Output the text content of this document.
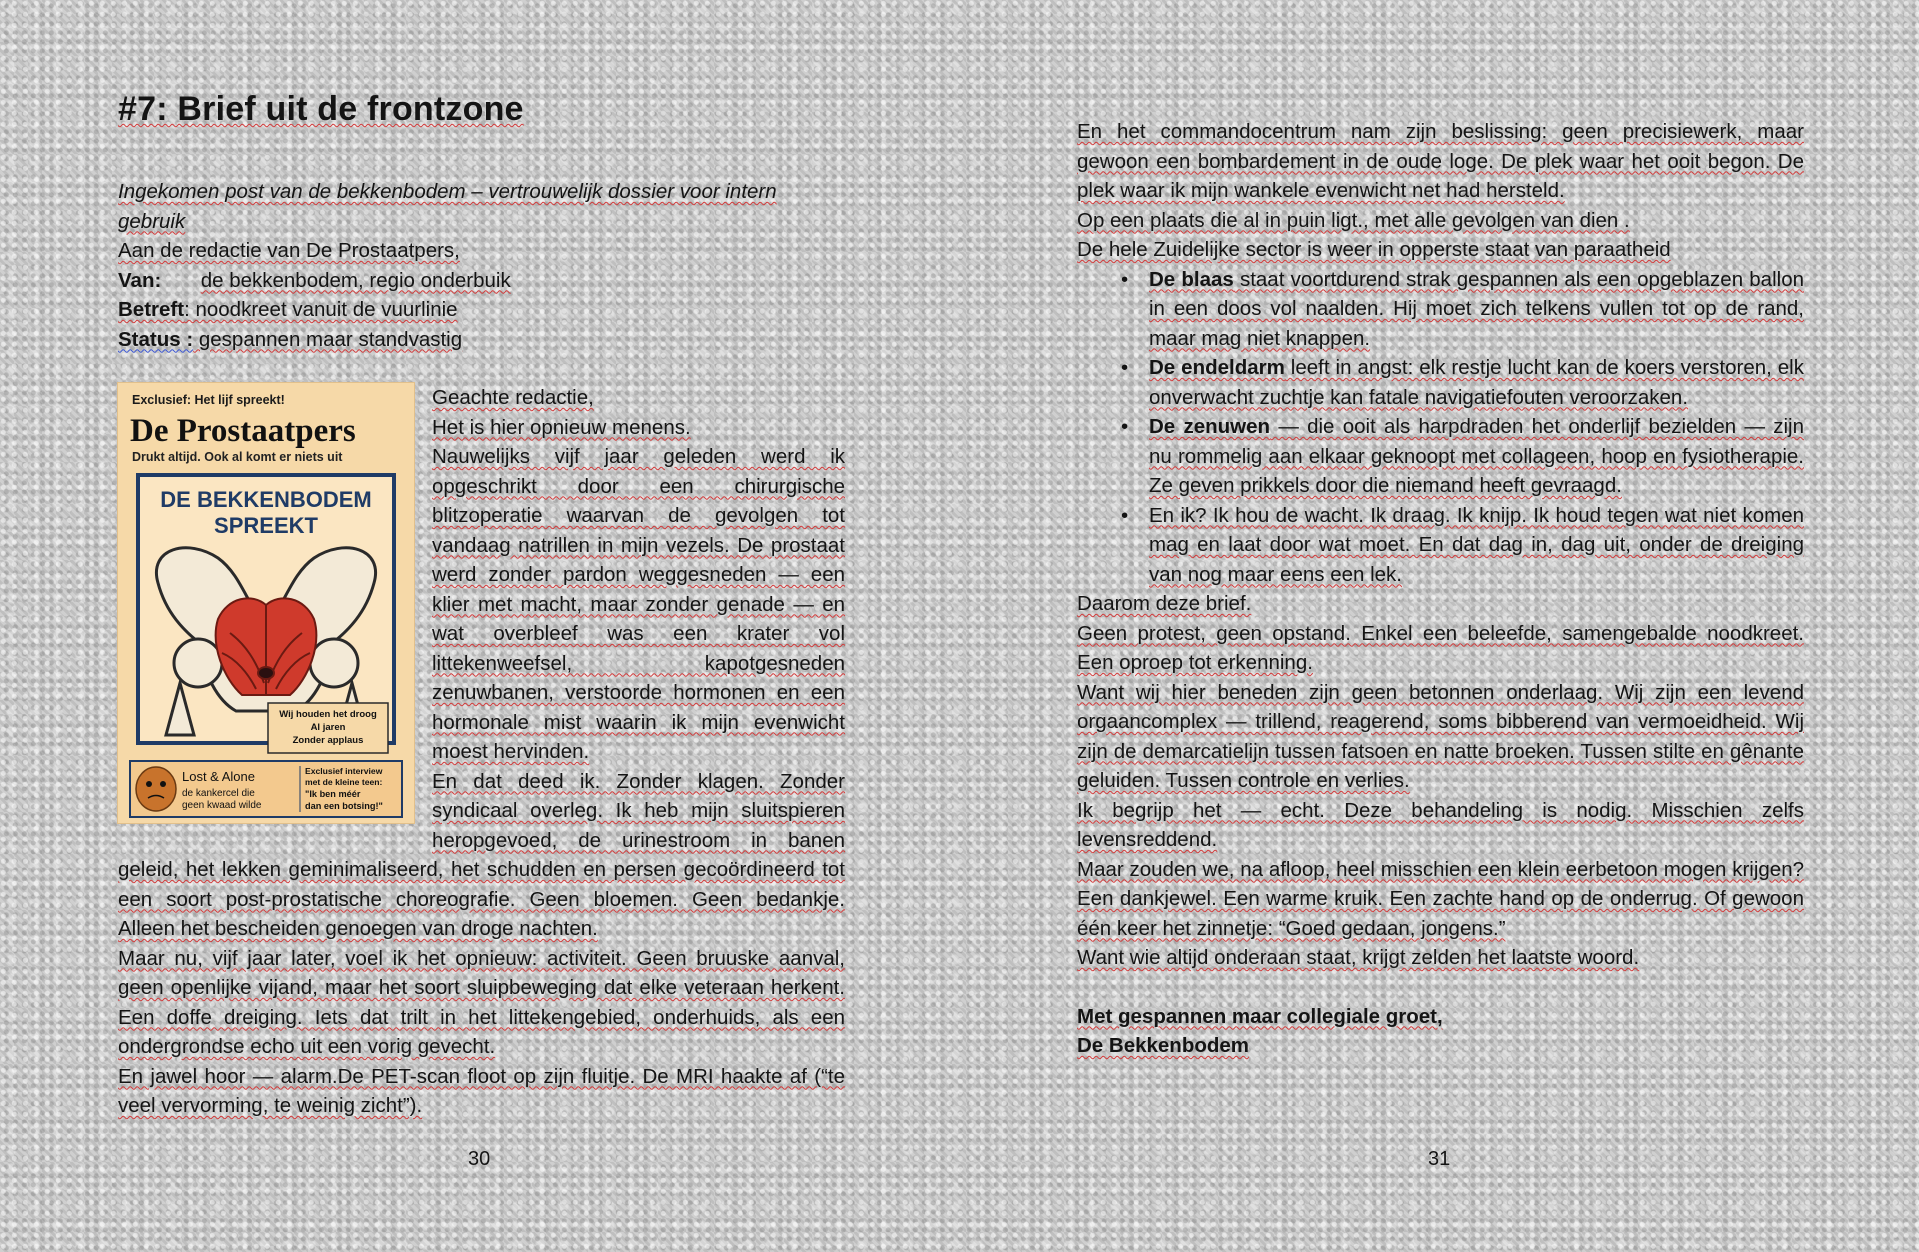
#7: Brief uit de frontzone

Ingekomen post van de bekkenbodem – vertrouwelijk dossier voor intern gebruik

Aan de redactie van De Prostaatpers,

Van: de bekkenbodem, regio onderbuik

Betreft: noodkreet vanuit de vuurlinie

Status : gespannen maar standvastig

Exclusief: Het lijf spreekt!
De Prostaatpers
Drukt altijd. Ook al komt er niets uit
DE BEKKENBODEM
SPREEKT
Wij houden het droog
Al jaren
Zonder applaus
Lost & Alone
de kankercel die
geen kwaad wilde
Exclusief interview
met de kleine teen:
"Ik ben méér
dan een botsing!"

Geachte redactie,

Het is hier opnieuw menens.

Nauwelijks vijf jaar geleden werd ik opgeschrikt door een chirurgische blitzoperatie waarvan de gevolgen tot vandaag natrillen in mijn vezels. De prostaat werd zonder pardon weggesneden — een klier met macht, maar zonder genade — en wat overbleef was een krater vol littekenweefsel, kapotgesneden zenuwbanen, verstoorde hormonen en een hormonale mist waarin ik mijn evenwicht moest hervinden.

En dat deed ik. Zonder klagen. Zonder syndicaal overleg. Ik heb mijn sluitspieren heropgevoed, de urinestroom in banen geleid, het lekken geminimaliseerd, het schudden en persen gecoördineerd tot een soort post-prostatische choreografie. Geen bloemen. Geen bedankje. Alleen het bescheiden genoegen van droge nachten.

Maar nu, vijf jaar later, voel ik het opnieuw: activiteit. Geen bruuske aanval, geen openlijke vijand, maar het soort sluipbeweging dat elke veteraan herkent. Een doffe dreiging. Iets dat trilt in het littekengebied, onderhuids, als een ondergrondse echo uit een vorig gevecht.

En jawel hoor — alarm.De PET-scan floot op zijn fluitje. De MRI haakte af (“te veel vervorming, te weinig zicht”).

30

En het commandocentrum nam zijn beslissing: geen precisiewerk, maar gewoon een bombardement in de oude loge. De plek waar het ooit begon. De plek waar ik mijn wankele evenwicht net had hersteld.

Op een plaats die al in puin ligt., met alle gevolgen van dien .

De hele Zuidelijke sector is weer in opperste staat van paraatheid

• De blaas staat voortdurend strak gespannen als een opgeblazen ballon in een doos vol naalden. Hij moet zich telkens vullen tot op de rand, maar mag niet knappen.
• De endeldarm leeft in angst: elk restje lucht kan de koers verstoren, elk onverwacht zuchtje kan fatale navigatiefouten veroorzaken.
• De zenuwen — die ooit als harpdraden het onderlijf bezielden — zijn nu rommelig aan elkaar geknoopt met collageen, hoop en fysiotherapie. Ze geven prikkels door die niemand heeft gevraagd.
• En ik? Ik hou de wacht. Ik draag. Ik knijp. Ik houd tegen wat niet komen mag en laat door wat moet. En dat dag in, dag uit, onder de dreiging van nog maar eens een lek.

Daarom deze brief.

Geen protest, geen opstand. Enkel een beleefde, samengebalde noodkreet. Een oproep tot erkenning.

Want wij hier beneden zijn geen betonnen onderlaag. Wij zijn een levend orgaancomplex — trillend, reagerend, soms bibberend van vermoeidheid. Wij zijn de demarcatielijn tussen fatsoen en natte broeken. Tussen stilte en gênante geluiden. Tussen controle en verlies.

Ik begrijp het — echt. Deze behandeling is nodig. Misschien zelfs levensreddend.

Maar zouden we, na afloop, heel misschien een klein eerbetoon mogen krijgen? Een dankjewel. Een warme kruik. Een zachte hand op de onderrug. Of gewoon één keer het zinnetje: “Goed gedaan, jongens.”

Want wie altijd onderaan staat, krijgt zelden het laatste woord.

Met gespannen maar collegiale groet,

De Bekkenbodem

31
